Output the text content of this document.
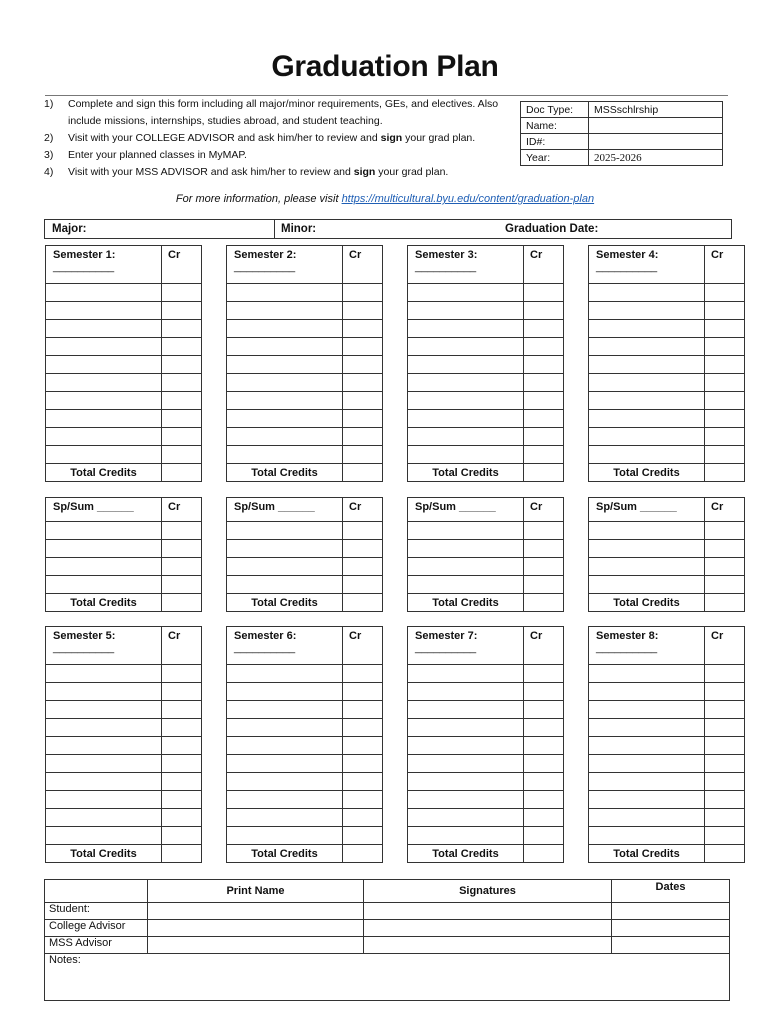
Graduation Plan
1) Complete and sign this form including all major/minor requirements, GEs, and electives. Also include missions, internships, studies abroad, and student teaching.
2) Visit with your COLLEGE ADVISOR and ask him/her to review and sign your grad plan.
3) Enter your planned classes in MyMAP.
4) Visit with your MSS ADVISOR and ask him/her to review and sign your grad plan.
Doc Type:	MSSschlrship
Name:	
ID#:	
Year:	2025-2026
For more information, please visit https://multicultural.byu.edu/content/graduation-plan
Major:	Minor:	Graduation Date:
Semester 1:
__________	Cr

Total Credits	
Semester 2:
__________	Cr

Total Credits	
Semester 3:
__________	Cr

Total Credits	
Semester 4:
__________	Cr

Total Credits	
Sp/Sum ______	Cr

Total Credits	
Sp/Sum ______	Cr

Total Credits	
Sp/Sum ______	Cr

Total Credits	
Sp/Sum ______	Cr

Total Credits	
Semester 5:
__________	Cr

Total Credits	
Semester 6:
__________	Cr

Total Credits	
Semester 7:
__________	Cr

Total Credits	
Semester 8:
__________	Cr

Total Credits	
	Print Name	Signatures	Dates
Student:			
College Advisor			
MSS Advisor			
Notes:			
